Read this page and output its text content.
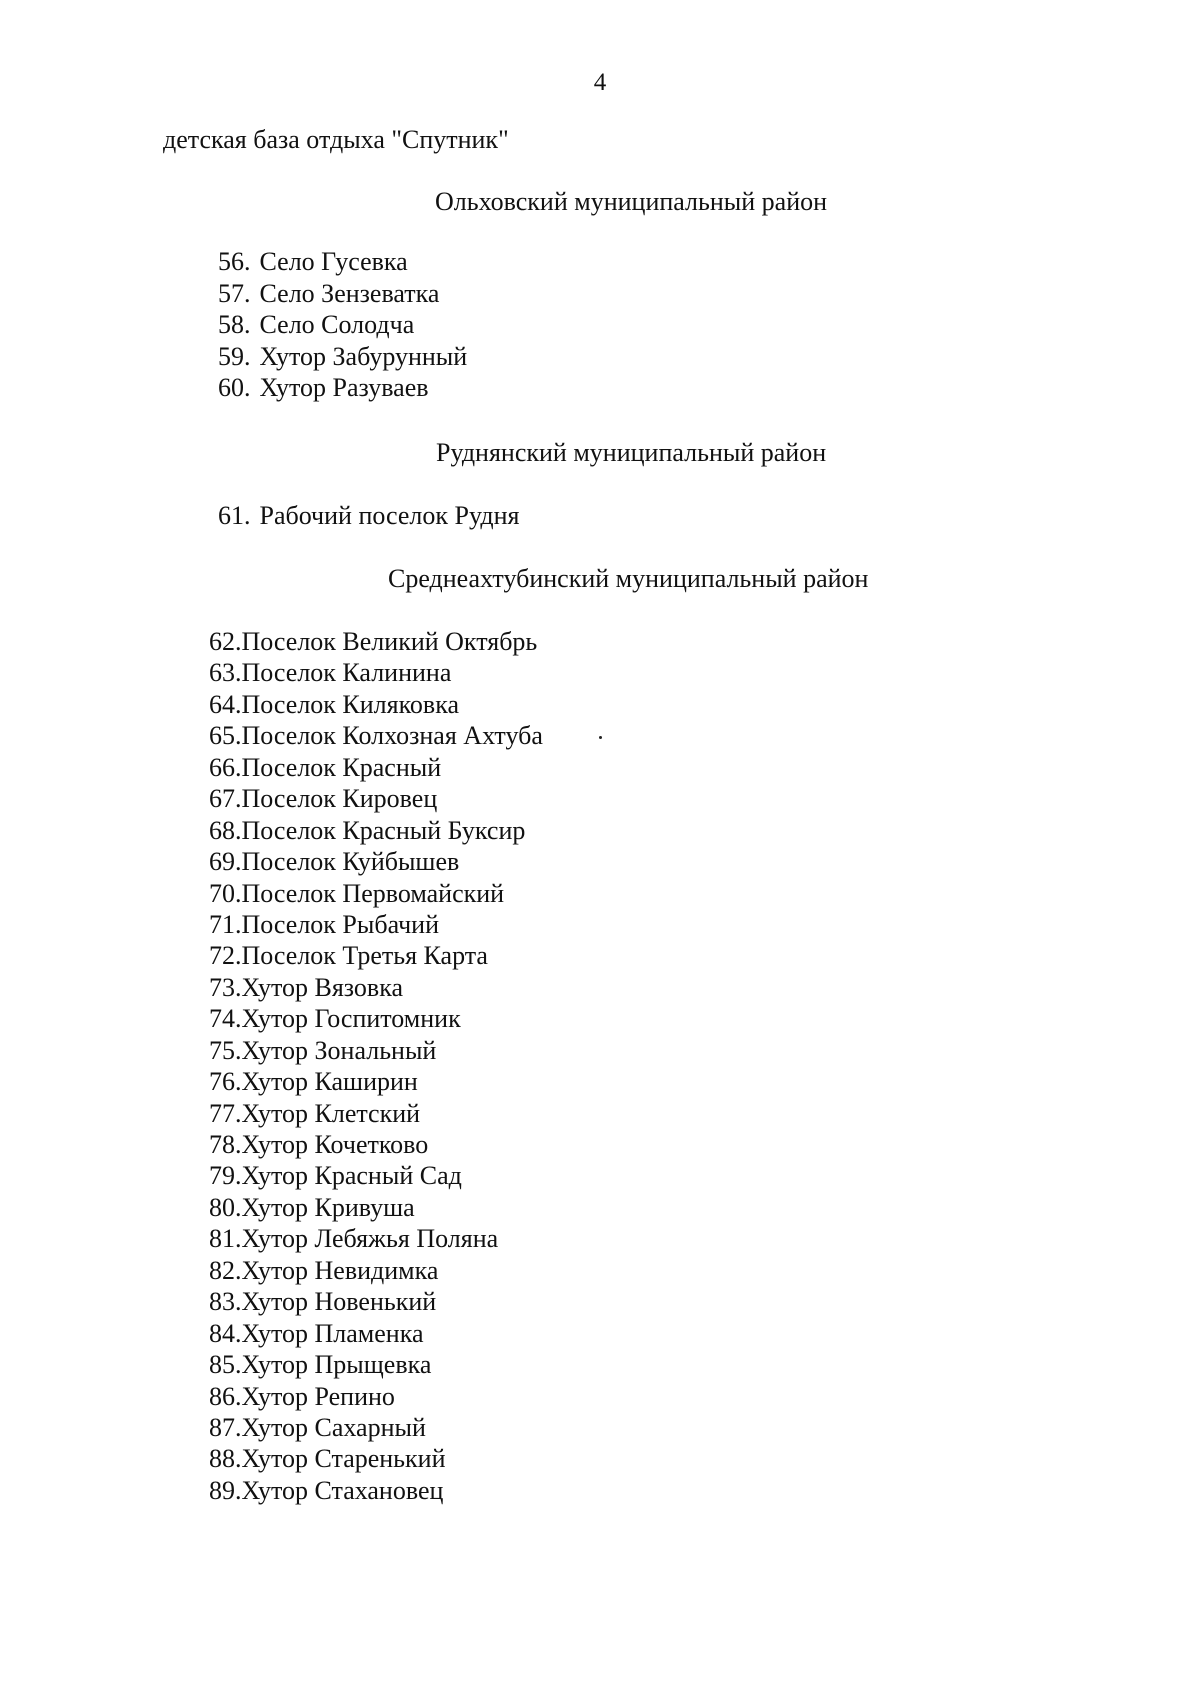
4
детская база отдыха "Спутник"
Ольховский муниципальный район
56. Село Гусевка
57. Село Зензеватка
58. Село Солодча
59. Хутор Забурунный
60. Хутор Разуваев
Руднянский муниципальный район
61. Рабочий поселок Рудня
Среднеахтубинский муниципальный район
62.Поселок Великий Октябрь
63.Поселок Калинина
64.Поселок Киляковка
65.Поселок Колхозная Ахтуба
66.Поселок Красный
67.Поселок Кировец
68.Поселок Красный Буксир
69.Поселок Куйбышев
70.Поселок Первомайский
71.Поселок Рыбачий
72.Поселок Третья Карта
73.Хутор Вязовка
74.Хутор Госпитомник
75.Хутор Зональный
76.Хутор Каширин
77.Хутор Клетский
78.Хутор Кочетково
79.Хутор Красный Сад
80.Хутор Кривуша
81.Хутор Лебяжья Поляна
82.Хутор Невидимка
83.Хутор Новенький
84.Хутор Пламенка
85.Хутор Прыщевка
86.Хутор Репино
87.Хутор Сахарный
88.Хутор Старенький
89.Хутор Стахановец
